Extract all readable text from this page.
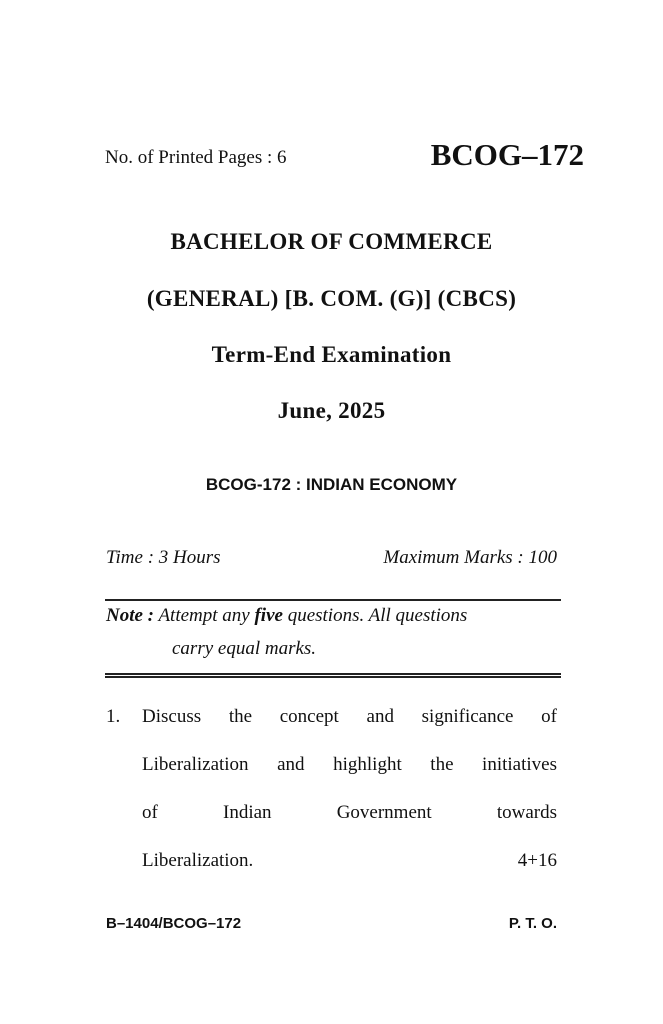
No. of Printed Pages : 6	BCOG–172
BACHELOR OF COMMERCE
(GENERAL) [B. COM. (G)] (CBCS)
Term-End Examination
June, 2025
BCOG-172 : INDIAN ECONOMY
Time : 3 Hours	Maximum Marks : 100
Note : Attempt any five questions. All questions
carry equal marks.
1. Discuss the concept and significance of
Liberalization and highlight the initiatives
of Indian Government towards
Liberalization.	4+16
B–1404/BCOG–172	P. T. O.
